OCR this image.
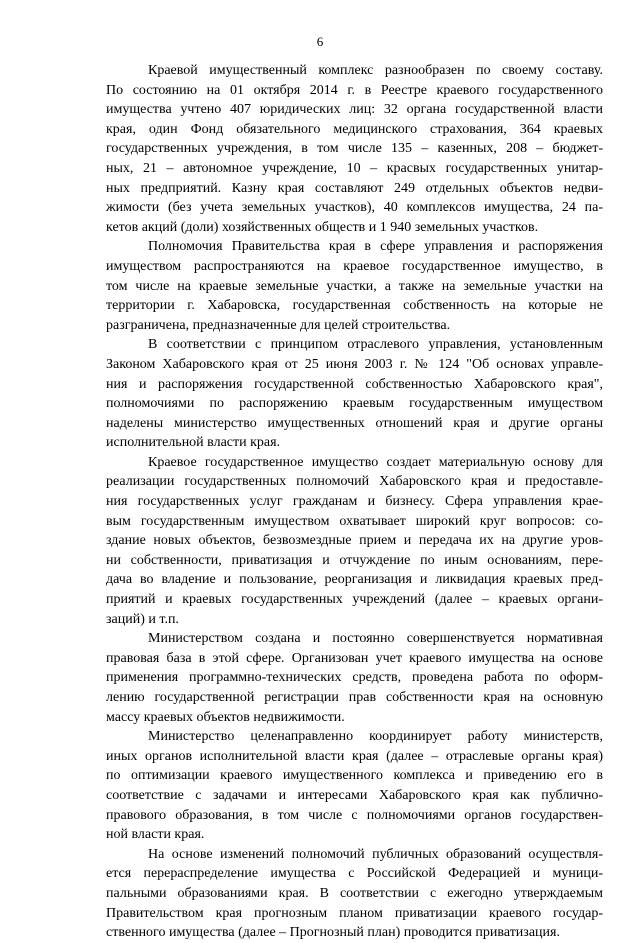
6
Краевой имущественный комплекс разнообразен по своему составу.
По состоянию на 01 октября 2014 г. в Реестре краевого государственного
имущества учтено 407 юридических лиц: 32 органа государственной власти
края, один Фонд обязательного медицинского страхования, 364 краевых
государственных учреждения, в том числе 135 – казенных, 208 – бюджет-
ных, 21 – автономное учреждение, 10 – красвых государственных унитар-
ных предприятий. Казну края составляют 249 отдельных объектов недви-
жимости (без учета земельных участков), 40 комплексов имущества, 24 па-
кетов акций (доли) хозяйственных обществ и 1 940 земельных участков.
Полномочия Правительства края в сфере управления и распоряжения
имуществом распространяются на краевое государственное имущество, в
том числе на краевые земельные участки, а также на земельные участки на
территории г. Хабаровска, государственная собственность на которые не
разграничена, предназначенные для целей строительства.
В соответствии с принципом отраслевого управления, установленным
Законом Хабаровского края от 25 июня 2003 г. № 124 "Об основах управле-
ния и распоряжения государственной собственностью Хабаровского края",
полномочиями по распоряжению краевым государственным имуществом
наделены министерство имущественных отношений края и другие органы
исполнительной власти края.
Краевое государственное имущество создает материальную основу для
реализации государственных полномочий Хабаровского края и предоставле-
ния государственных услуг гражданам и бизнесу. Сфера управления крае-
вым государственным имуществом охватывает широкий круг вопросов: со-
здание новых объектов, безвозмездные прием и передача их на другие уров-
ни собственности, приватизация и отчуждение по иным основаниям, пере-
дача во владение и пользование, реорганизация и ликвидация краевых пред-
приятий и краевых государственных учреждений (далее – краевых органи-
заций) и т.п.
Министерством создана и постоянно совершенствуется нормативная
правовая база в этой сфере. Организован учет краевого имущества на основе
применения программно-технических средств, проведена работа по оформ-
лению государственной регистрации прав собственности края на основную
массу краевых объектов недвижимости.
Министерство целенаправленно координирует работу министерств,
иных органов исполнительной власти края (далее – отраслевые органы края)
по оптимизации краевого имущественного комплекса и приведению его в
соответствие с задачами и интересами Хабаровского края как публично-
правового образования, в том числе с полномочиями органов государствен-
ной власти края.
На основе изменений полномочий публичных образований осуществля-
ется перераспределение имущества с Российской Федерацией и муници-
пальными образованиями края. В соответствии с ежегодно утверждаемым
Правительством края прогнозным планом приватизации краевого государ-
ственного имущества (далее – Прогнозный план) проводится приватизация.
